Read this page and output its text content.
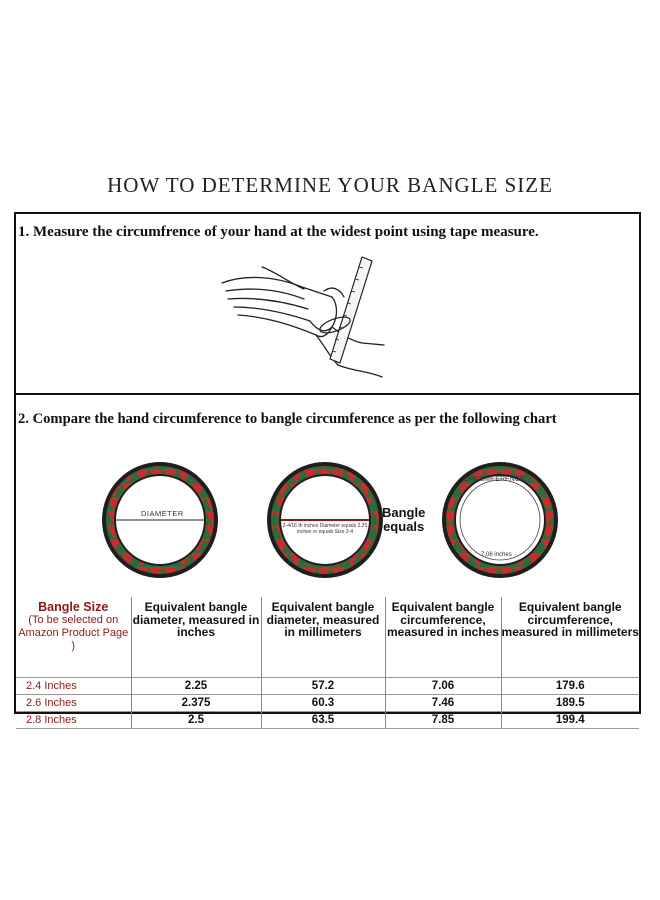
HOW TO DETERMINE YOUR BANGLE SIZE
1. Measure the circumfrence of your hand at the widest point using tape measure.
2. Compare the hand circumference to bangle circumference as per the following chart
DIAMETER
2-4/16 th inches Diameter equals 2.25 inches or equals Size 2-4
Bangle
equals
CIRCUMFERENCE
7.06 inches
Bangle Size
(To be selected on Amazon Product Page )	Equivalent bangle diameter, measured in inches	Equivalent bangle diameter, measured in millimeters	Equivalent bangle circumference, measured in inches	Equivalent bangle circumference, measured in millimeters
2.4 Inches	2.25	57.2	7.06	179.6
2.6 Inches	2.375	60.3	7.46	189.5
2.8 Inches	2.5	63.5	7.85	199.4
